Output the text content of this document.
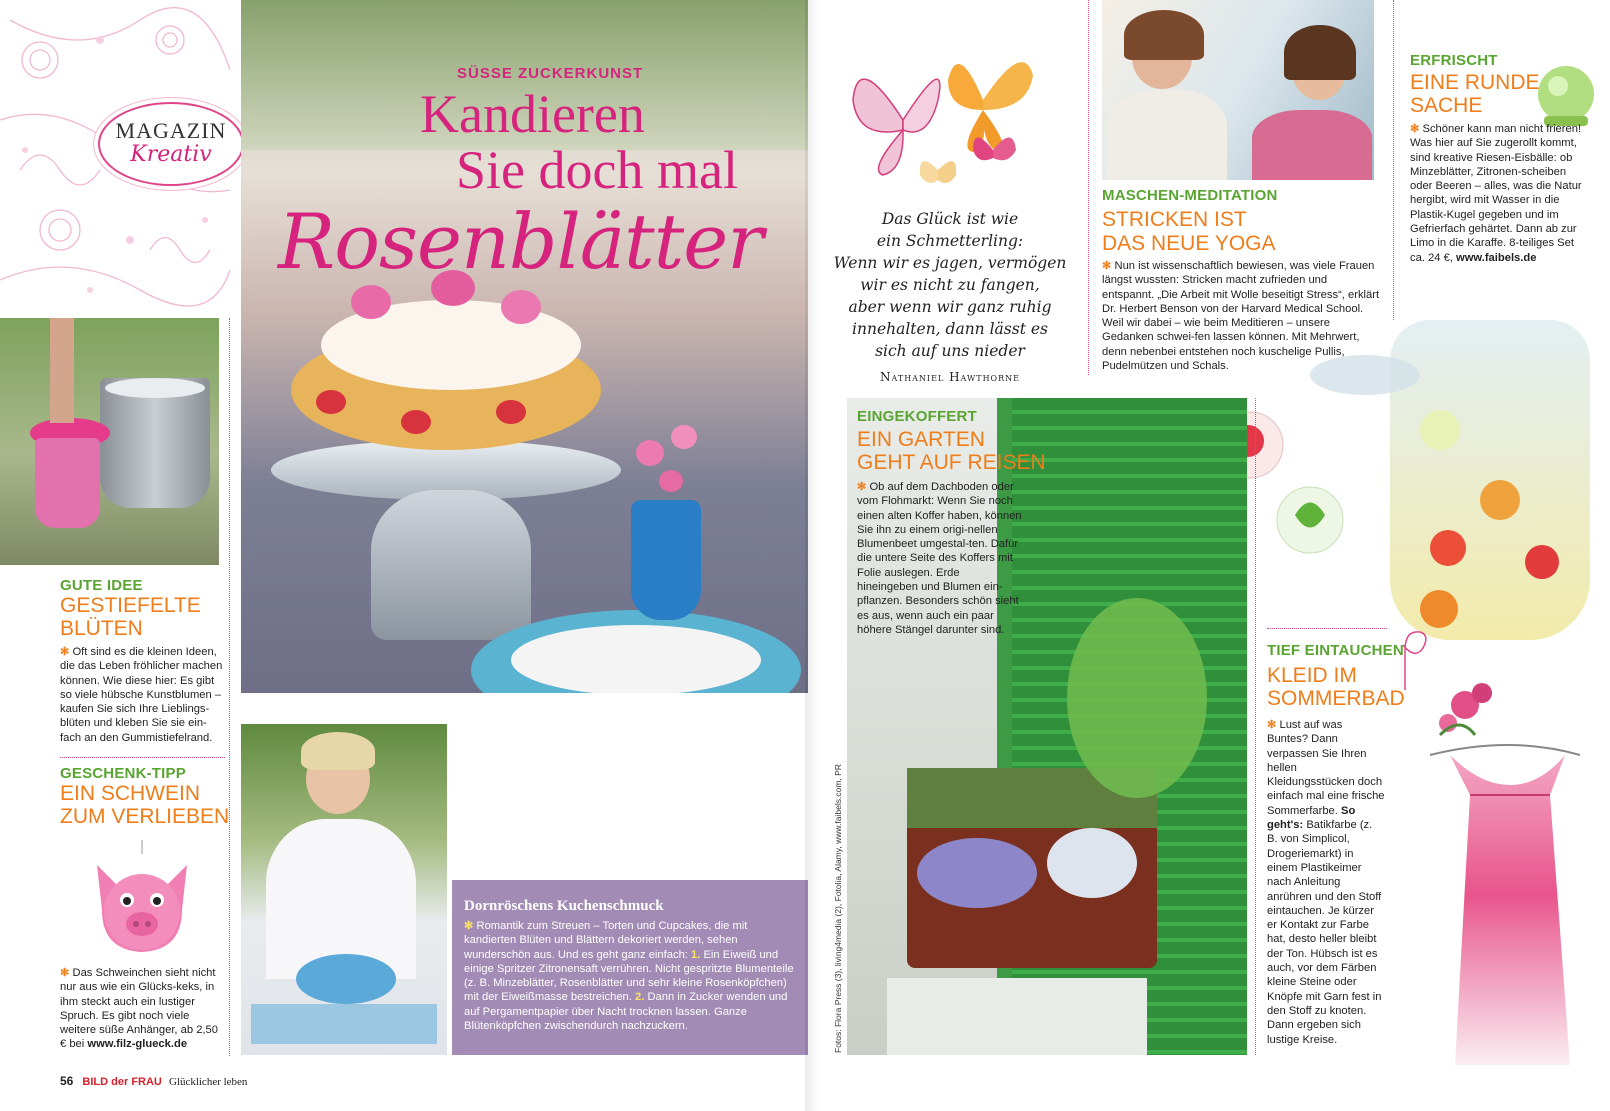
MAGAZIN
Kreativ
SÜSSE ZUCKERKUNST
Kandieren
Sie doch mal
Rosenblätter
GUTE IDEE
GESTIEFELTE
BLÜTEN
✻ Oft sind es die kleinen Ideen, die das Leben fröhlicher machen können. Wie diese hier: Es gibt so viele hübsche Kunstblumen – kaufen Sie sich Ihre Lieblings-blüten und kleben Sie sie ein-fach an den Gummistiefelrand.
GESCHENK-TIPP
EIN SCHWEIN
ZUM VERLIEBEN
✻ Das Schweinchen sieht nicht nur aus wie ein Glücks-keks, in ihm steckt auch ein lustiger Spruch. Es gibt noch viele weitere süße Anhänger, ab 2,50 € bei www.filz-glueck.de
Dornröschens Kuchenschmuck
✻ Romantik zum Streuen – Torten und Cupcakes, die mit kandierten Blüten und Blättern dekoriert werden, sehen wunderschön aus. Und es geht ganz einfach: 1. Ein Eiweiß und einige Spritzer Zitronensaft verrühren. Nicht gespritzte Blumenteile (z. B. Minzeblätter, Rosenblätter und sehr kleine Rosenköpfchen) mit der Eiweißmasse bestreichen. 2. Dann in Zucker wenden und auf Pergamentpapier über Nacht trocknen lassen. Ganze Blütenköpfchen zwischendurch nachzuckern.
56 BILD der FRAU Glücklicher leben
Das Glück ist wie
ein Schmetterling:
Wenn wir es jagen, vermögen
wir es nicht zu fangen,
aber wenn wir ganz ruhig
innehalten, dann lässt es
sich auf uns nieder
Nathaniel Hawthorne
MASCHEN-MEDITATION
STRICKEN IST
DAS NEUE YOGA
✻ Nun ist wissenschaftlich bewiesen, was viele Frauen längst wussten: Stricken macht zufrieden und entspannt. „Die Arbeit mit Wolle beseitigt Stress“, erklärt Dr. Herbert Benson von der Harvard Medical School. Weil wir dabei – wie beim Meditieren – unsere Gedanken schwei-fen lassen können. Mit Mehrwert, denn nebenbei entstehen noch kuschelige Pullis, Pudelmützen und Schals.
ERFRISCHT
EINE RUNDE
SACHE
✻ Schöner kann man nicht frieren! Was hier auf Sie zugerollt kommt, sind kreative Riesen-Eisbälle: ob Minzeblätter, Zitronen-scheiben oder Beeren – alles, was die Natur hergibt, wird mit Wasser in die Plastik-Kugel gegeben und im Gefrierfach gehärtet. Dann ab zur Limo in die Karaffe. 8-teiliges Set ca. 24 €, www.faibels.de
EINGEKOFFERT
EIN GARTEN
GEHT AUF REISEN
✻ Ob auf dem Dachboden oder vom Flohmarkt: Wenn Sie noch einen alten Koffer haben, können Sie ihn zu einem origi-nellen Blumenbeet umgestal-ten. Dafür die untere Seite des Koffers mit Folie auslegen. Erde hineingeben und Blumen ein-pflanzen. Besonders schön sieht es aus, wenn auch ein paar höhere Stängel darunter sind.
Fotos: Flora Press (3), living4media (2), Fotolia, Alamy, www.faibels.com, PR
TIEF EINTAUCHEN
KLEID IM
SOMMERBAD
✻ Lust auf was Buntes? Dann verpassen Sie Ihren hellen Kleidungsstücken doch einfach mal eine frische Sommerfarbe. So geht's: Batikfarbe (z. B. von Simplicol, Drogeriemarkt) in einem Plastikeimer nach Anleitung anrühren und den Stoff eintauchen. Je kürzer er Kontakt zur Farbe hat, desto heller bleibt der Ton. Hübsch ist es auch, vor dem Färben kleine Steine oder Knöpfe mit Garn fest in den Stoff zu knoten. Dann ergeben sich lustige Kreise.
